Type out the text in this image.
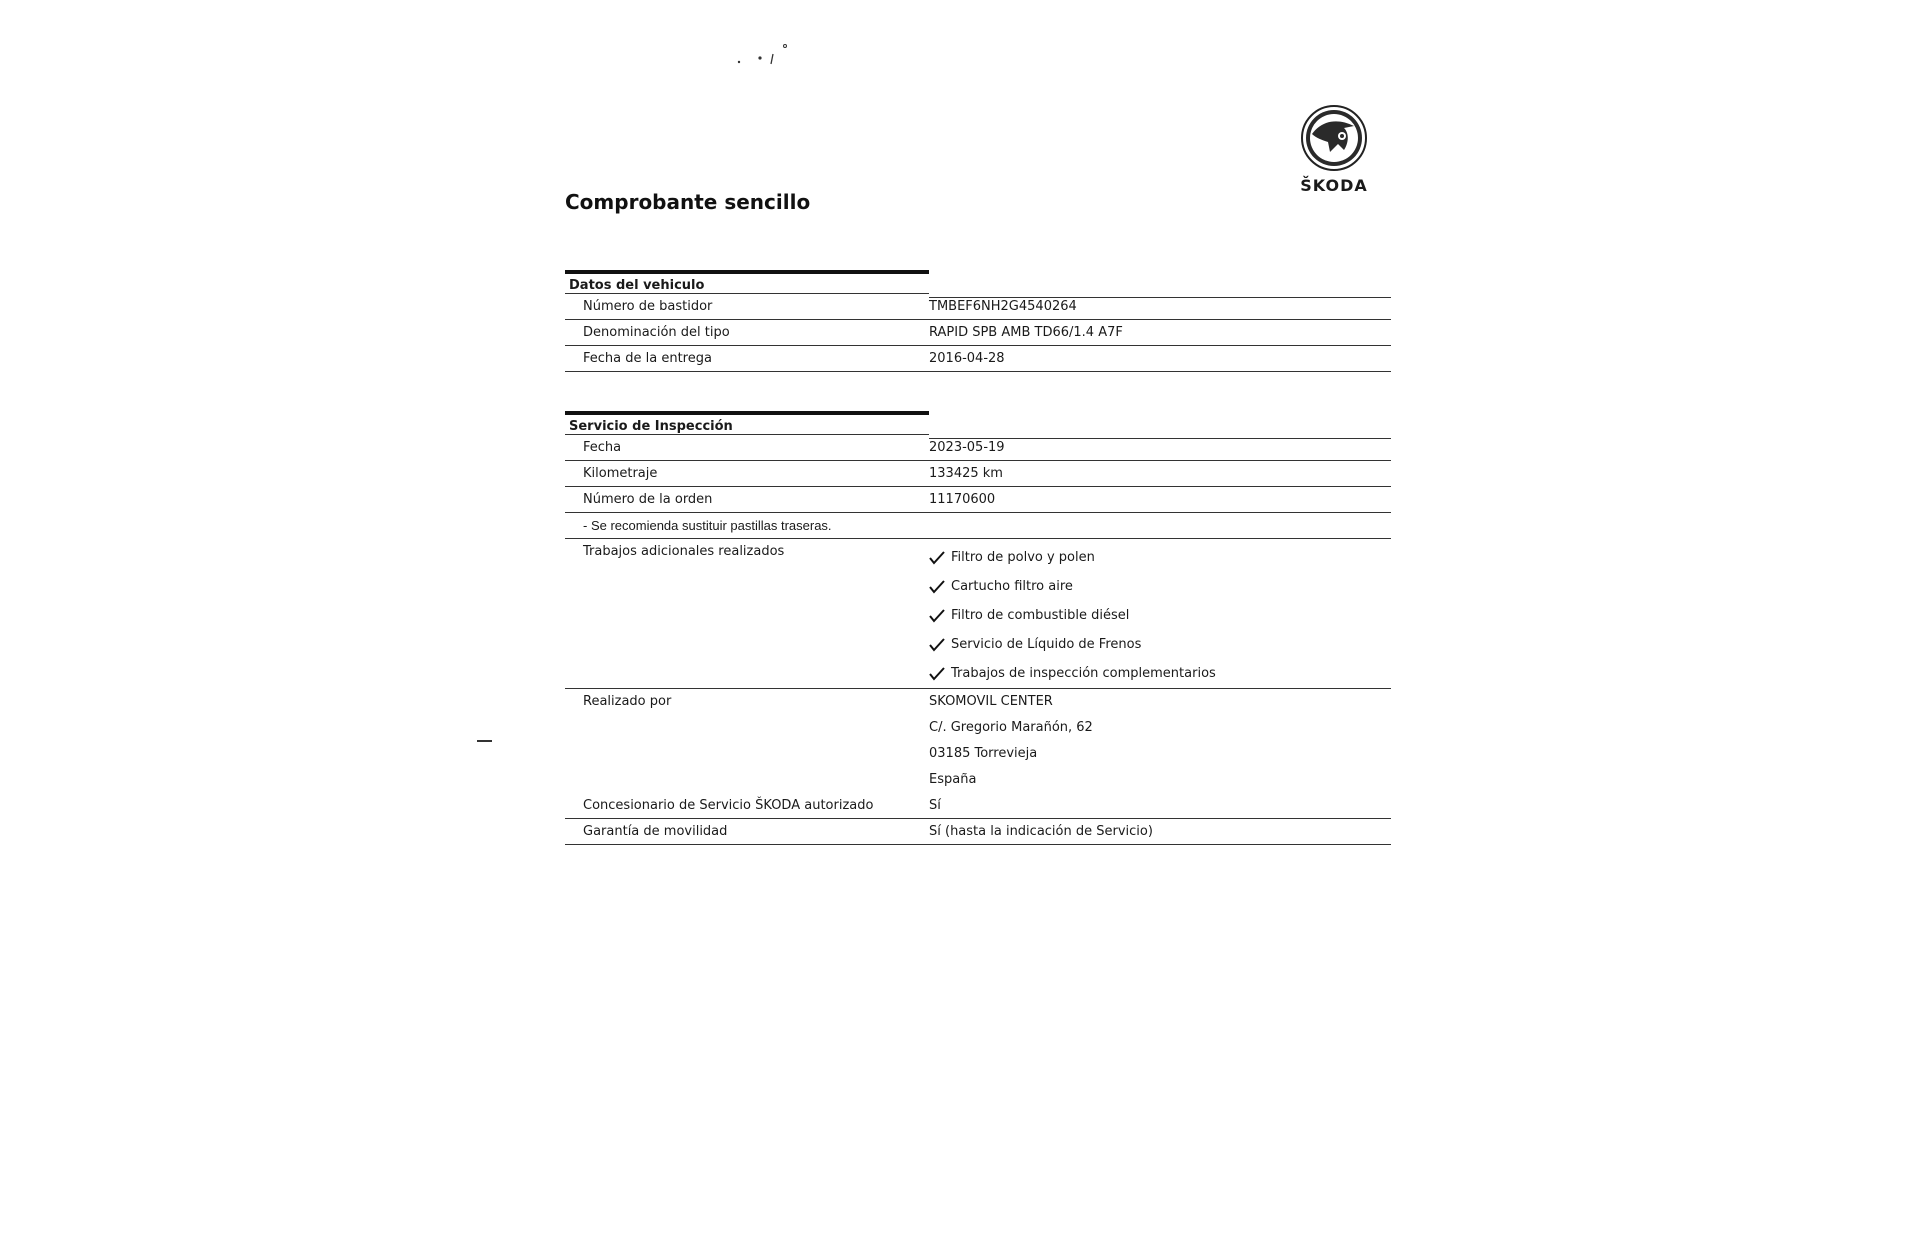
ŠKODA
Comprobante sencillo
Datos del vehiculo
Número de bastidor	TMBEF6NH2G4540264
Denominación del tipo	RAPID SPB AMB TD66/1.4 A7F
Fecha de la entrega	2016-04-28
Servicio de Inspección
Fecha	2023-05-19
Kilometraje	133425 km
Número de la orden	11170600
- Se recomienda sustituir pastillas traseras.
Trabajos adicionales realizados	Filtro de polvo y polen
Cartucho filtro aire
Filtro de combustible diésel
Servicio de Líquido de Frenos
Trabajos de inspección complementarios
Realizado por	SKOMOVIL CENTER
C/. Gregorio Marañón, 62
03185 Torrevieja
España
Concesionario de Servicio ŠKODA autorizado	Sí
Garantía de movilidad	Sí (hasta la indicación de Servicio)
